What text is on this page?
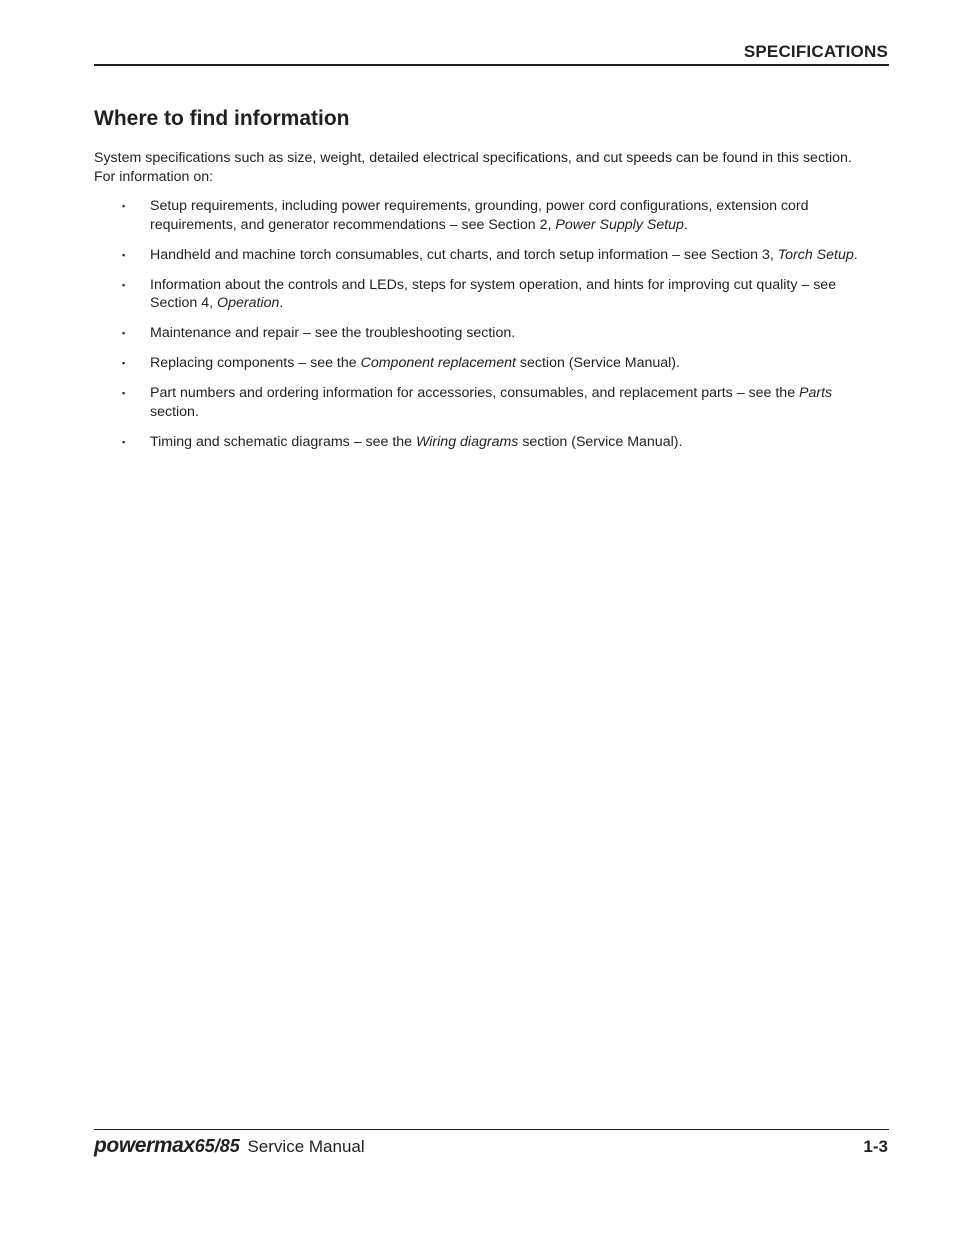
SPECIFICATIONS
Where to find information

System specifications such as size, weight, detailed electrical specifications, and cut speeds can be found in this section. For information on:

▪ Setup requirements, including power requirements, grounding, power cord configurations, extension cord requirements, and generator recommendations – see Section 2, Power Supply Setup.
▪ Handheld and machine torch consumables, cut charts, and torch setup information – see Section 3, Torch Setup.
▪ Information about the controls and LEDs, steps for system operation, and hints for improving cut quality – see Section 4, Operation.
▪ Maintenance and repair – see the troubleshooting section.
▪ Replacing components – see the Component replacement section (Service Manual).
▪ Part numbers and ordering information for accessories, consumables, and replacement parts – see the Parts section.
▪ Timing and schematic diagrams – see the Wiring diagrams section (Service Manual).
powermax65/85 Service Manual	1-3
